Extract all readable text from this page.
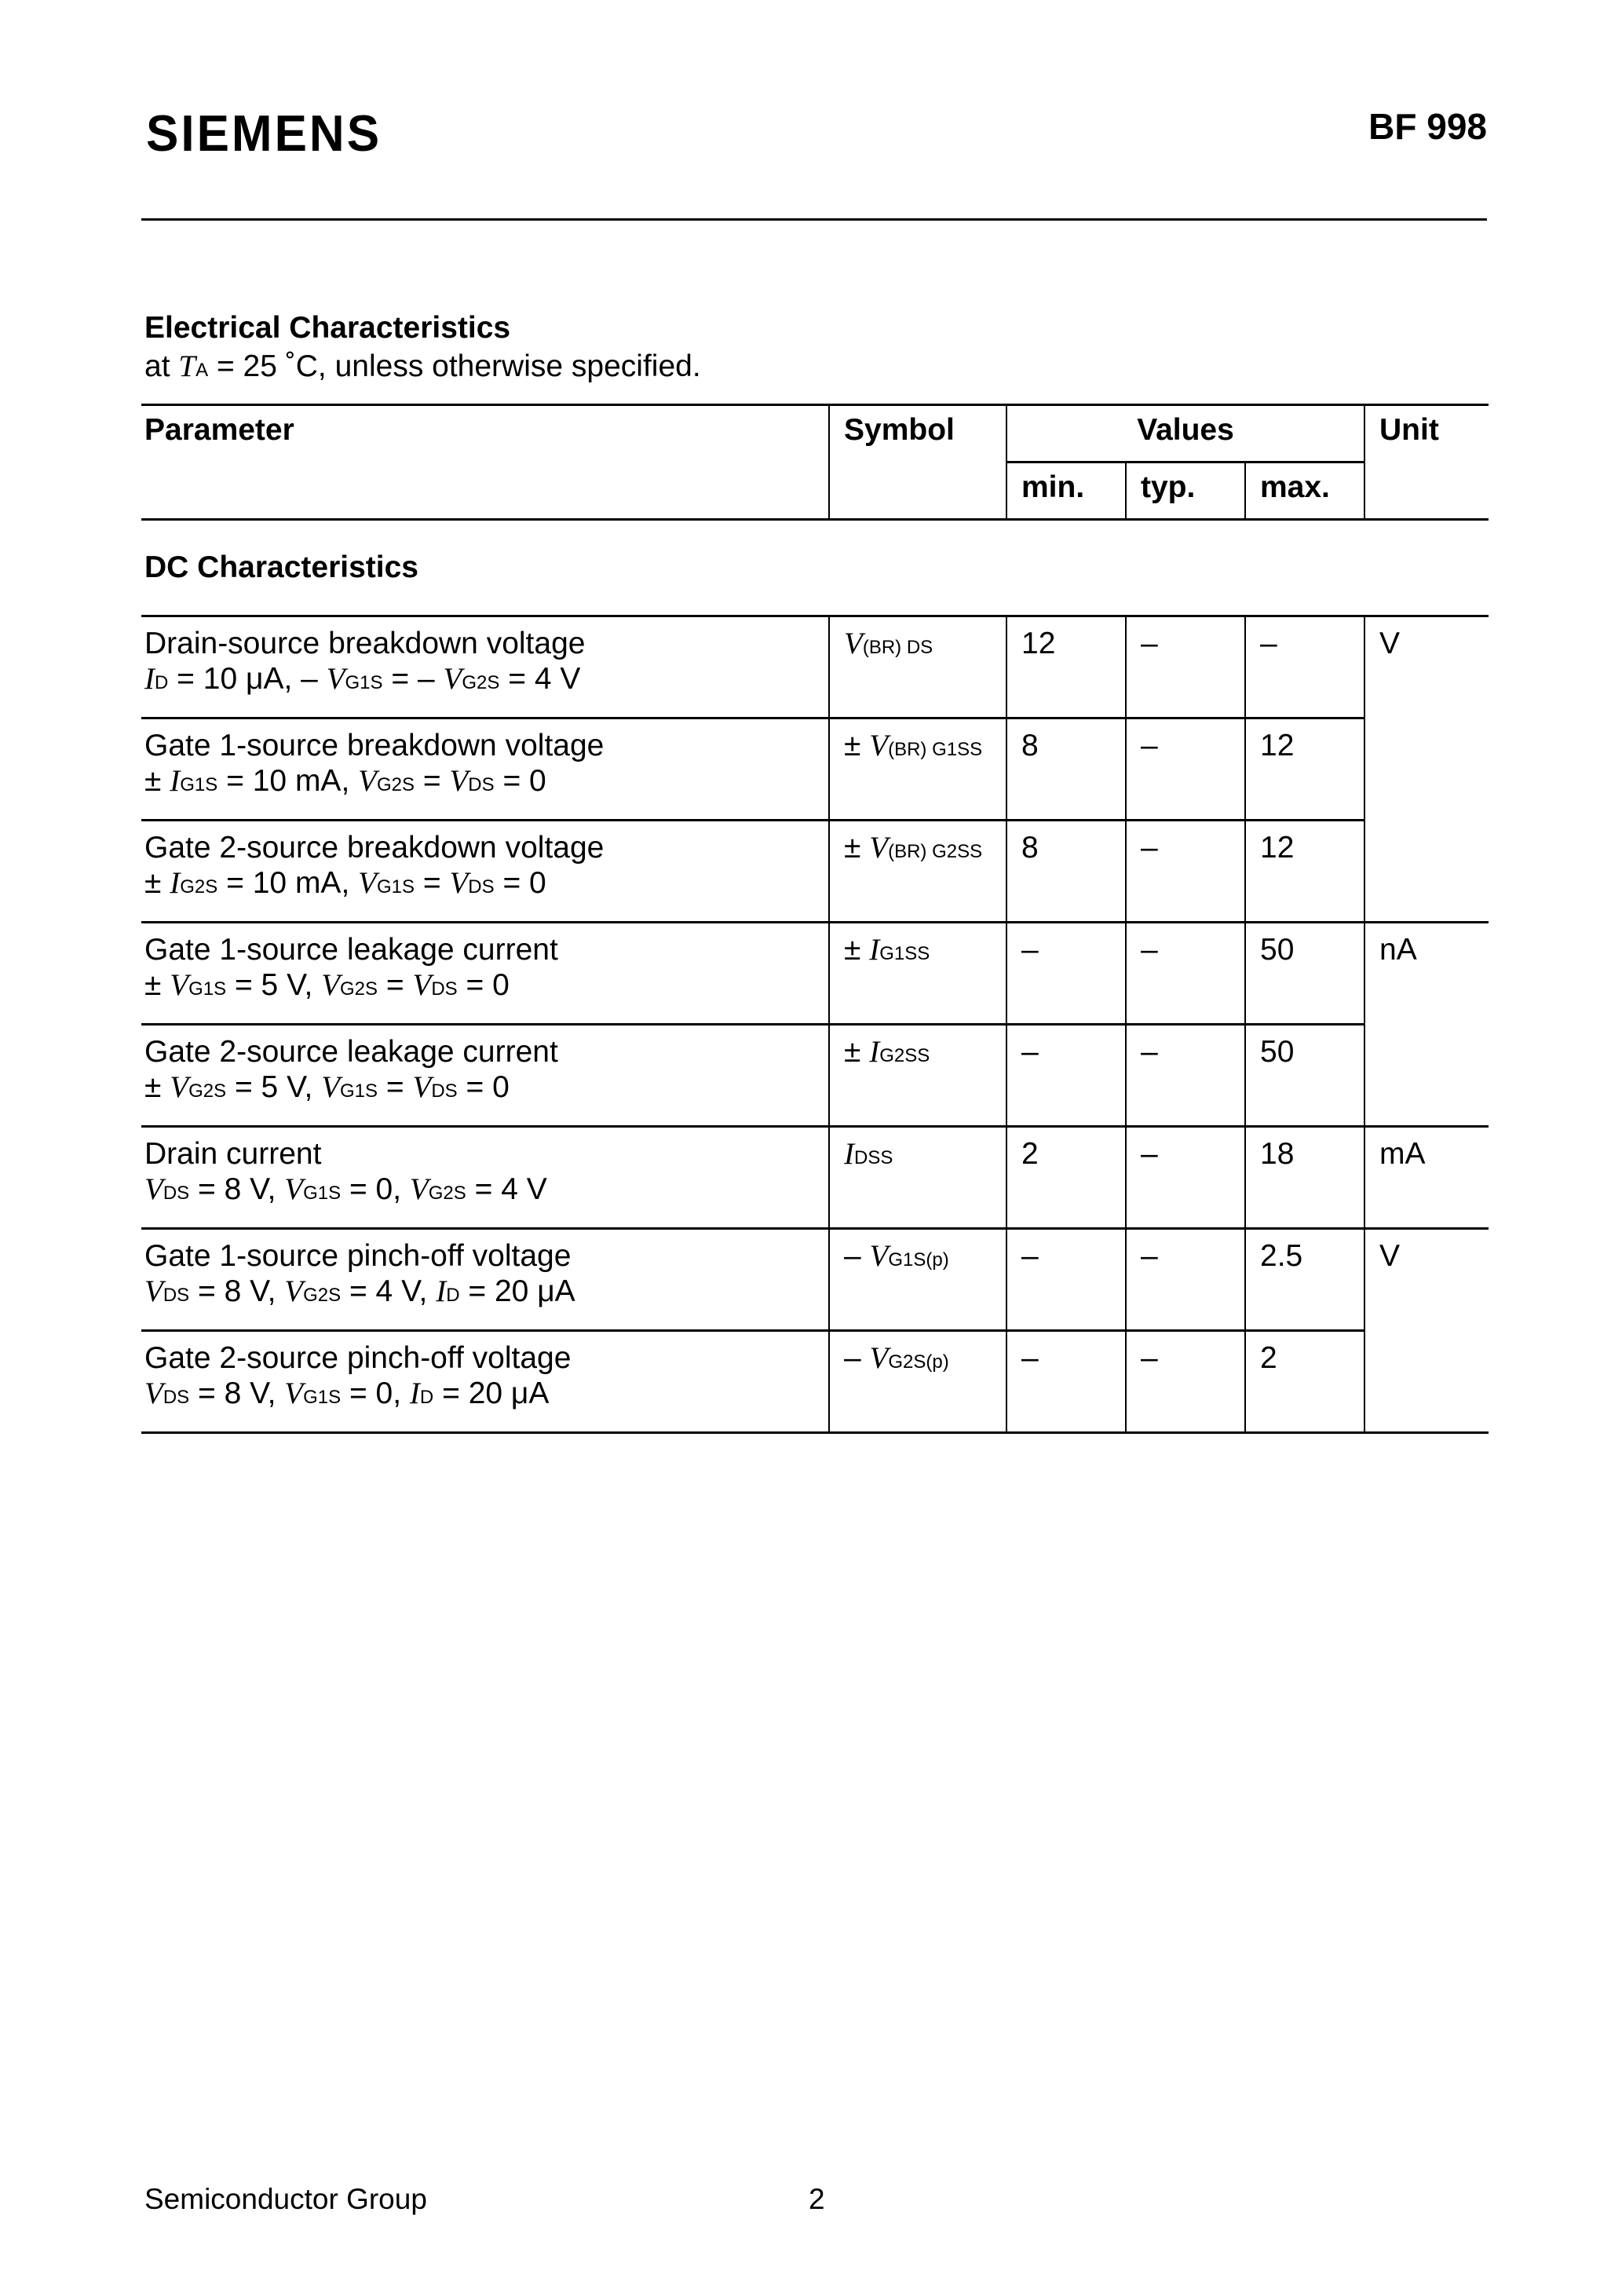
SIEMENS	BF 998
Electrical Characteristics
at TA = 25 ˚C, unless otherwise specified.
Parameter	Symbol	Values			Unit
		min.	typ.	max.	
DC Characteristics					

Drain-source breakdown voltage
ID = 10 μA, – VG1S = – VG2S = 4 V	V(BR) DS	12	–	–	V

Gate 1-source breakdown voltage
± IG1S = 10 mA, VG2S = VDS = 0	± V(BR) G1SS	8	–	12	

Gate 2-source breakdown voltage
± IG2S = 10 mA, VG1S = VDS = 0	± V(BR) G2SS	8	–	12	

Gate 1-source leakage current
± VG1S = 5 V, VG2S = VDS = 0	± IG1SS	–	–	50	nA

Gate 2-source leakage current
± VG2S = 5 V, VG1S = VDS = 0	± IG2SS	–	–	50	

Drain current
VDS = 8 V, VG1S = 0, VG2S = 4 V	IDSS	2	–	18	mA

Gate 1-source pinch-off voltage
VDS = 8 V, VG2S = 4 V, ID = 20 μA	– VG1S(p)	–	–	2.5	V

Gate 2-source pinch-off voltage
VDS = 8 V, VG1S = 0, ID = 20 μA	– VG2S(p)	–	–	2	
Semiconductor Group	2
